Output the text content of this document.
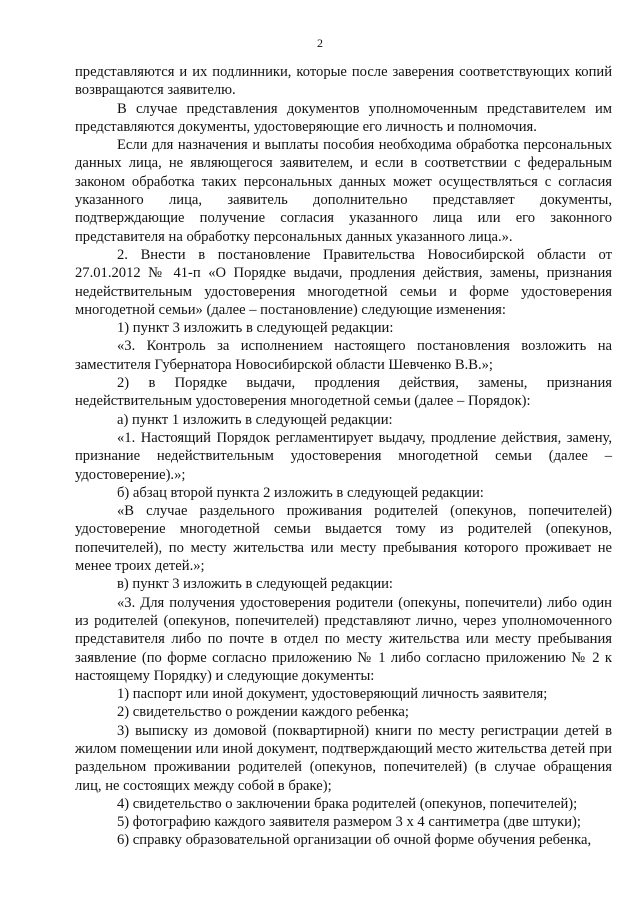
2

представляются и их подлинники, которые после заверения соответствующих копий возвращаются заявителю.

В случае представления документов уполномоченным представителем им представляются документы, удостоверяющие его личность и полномочия.

Если для назначения и выплаты пособия необходима обработка персональных данных лица, не являющегося заявителем, и если в соответствии с федеральным законом обработка таких персональных данных может осуществляться с согласия указанного лица, заявитель дополнительно представляет документы, подтверждающие получение согласия указанного лица или его законного представителя на обработку персональных данных указанного лица.».

2. Внести в постановление Правительства Новосибирской области от 27.01.2012 № 41-п «О Порядке выдачи, продления действия, замены, признания недействительным удостоверения многодетной семьи и форме удостоверения многодетной семьи» (далее – постановление) следующие изменения:

1) пункт 3 изложить в следующей редакции:

«3. Контроль за исполнением настоящего постановления возложить на заместителя Губернатора Новосибирской области Шевченко В.В.»;

2) в Порядке выдачи, продления действия, замены, признания недействительным удостоверения многодетной семьи (далее – Порядок):

а) пункт 1 изложить в следующей редакции:

«1. Настоящий Порядок регламентирует выдачу, продление действия, замену, признание недействительным удостоверения многодетной семьи (далее – удостоверение).»;

б) абзац второй пункта 2 изложить в следующей редакции:

«В случае раздельного проживания родителей (опекунов, попечителей) удостоверение многодетной семьи выдается тому из родителей (опекунов, попечителей), по месту жительства или месту пребывания которого проживает не менее троих детей.»;

в) пункт 3 изложить в следующей редакции:

«3. Для получения удостоверения родители (опекуны, попечители) либо один из родителей (опекунов, попечителей) представляют лично, через уполномоченного представителя либо по почте в отдел по месту жительства или месту пребывания заявление (по форме согласно приложению № 1 либо согласно приложению № 2 к настоящему Порядку) и следующие документы:

1) паспорт или иной документ, удостоверяющий личность заявителя;

2) свидетельство о рождении каждого ребенка;

3) выписку из домовой (поквартирной) книги по месту регистрации детей в жилом помещении или иной документ, подтверждающий место жительства детей при раздельном проживании родителей (опекунов, попечителей) (в случае обращения лиц, не состоящих между собой в браке);

4) свидетельство о заключении брака родителей (опекунов, попечителей);

5) фотографию каждого заявителя размером 3 х 4 сантиметра (две штуки);

6) справку образовательной организации об очной форме обучения ребенка,
